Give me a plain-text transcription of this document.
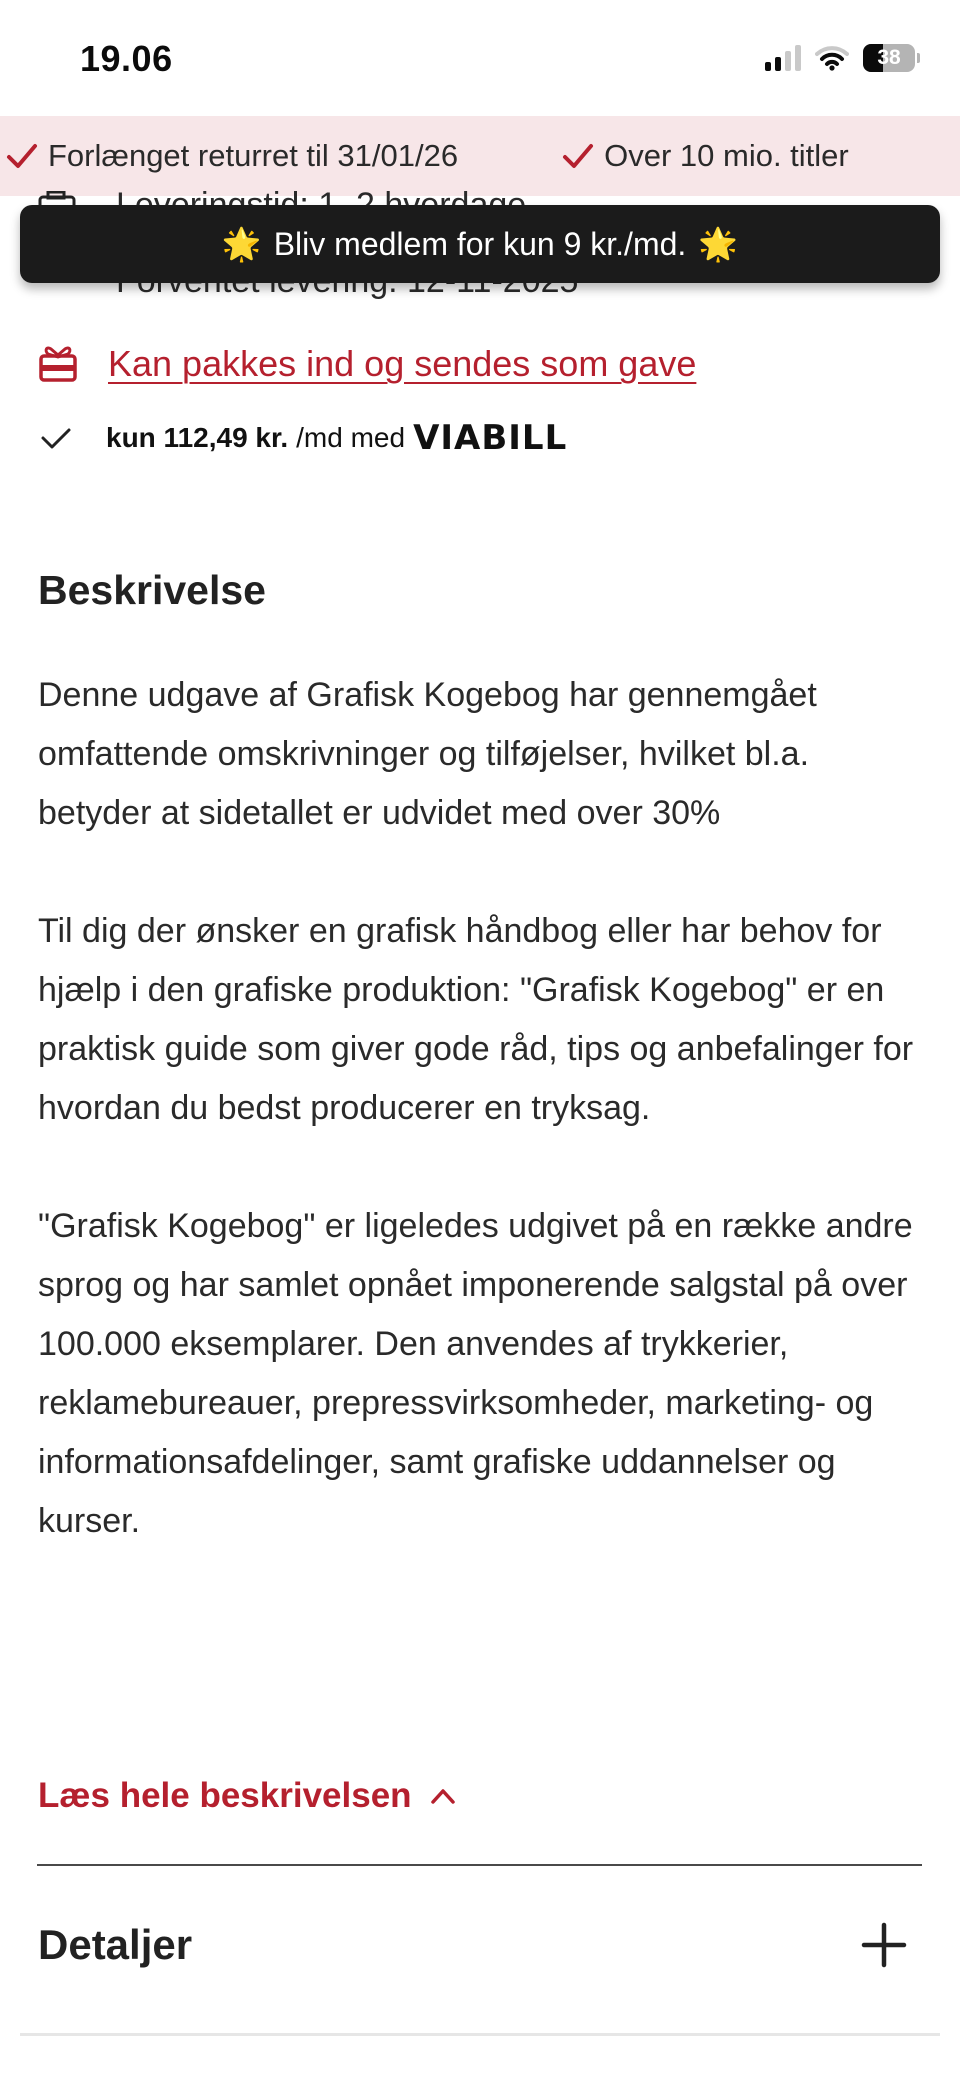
19.06	38
Forlænget returret til 31/01/26	Over 10 mio. titler
🌟 Bliv medlem for kun 9 kr./md. 🌟
Kan pakkes ind og sendes som gave
kun 112,49 kr. /md med VIABILL
Beskrivelse

Denne udgave af Grafisk Kogebog har gennemgået omfattende omskrivninger og tilføjelser, hvilket bl.a. betyder at sidetallet er udvidet med over 30%

Til dig der ønsker en grafisk håndbog eller har behov for hjælp i den grafiske produktion: "Grafisk Kogebog" er en praktisk guide som giver gode råd, tips og anbefalinger for hvordan du bedst producerer en tryksag.

"Grafisk Kogebog" er ligeledes udgivet på en række andre sprog og har samlet opnået imponerende salgstal på over 100.000 eksemplarer. Den anvendes af trykkerier, reklamebureauer, prepressvirksomheder, marketing- og informationsafdelinger, samt grafiske uddannelser og kurser.

Læs hele beskrivelsen
Detaljer
